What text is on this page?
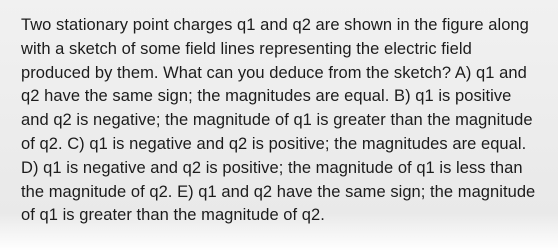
Two stationary point charges q1 and q2 are shown in the figure along with a sketch of some field lines representing the electric field produced by them. What can you deduce from the sketch? A) q1 and q2 have the same sign; the magnitudes are equal. B) q1 is positive and q2 is negative; the magnitude of q1 is greater than the magnitude of q2. C) q1 is negative and q2 is positive; the magnitudes are equal. D) q1 is negative and q2 is positive; the magnitude of q1 is less than the magnitude of q2. E) q1 and q2 have the same sign; the magnitude of q1 is greater than the magnitude of q2.
